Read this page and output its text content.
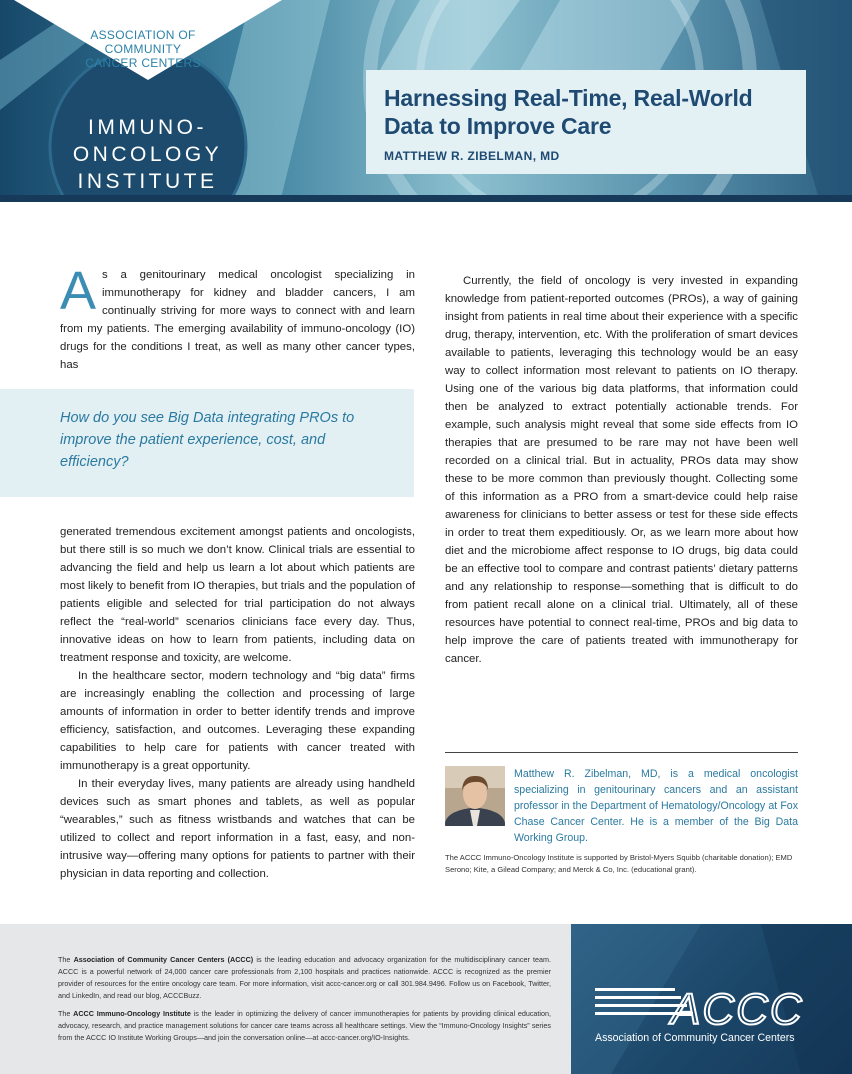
ASSOCIATION OF
COMMUNITY
CANCER CENTERS
IMMUNO-
ONCOLOGY
INSTITUTE
Harnessing Real-Time, Real-World
Data to Improve Care
MATTHEW R. ZIBELMAN, MD
A s a genitourinary medical oncologist specializing in immunotherapy for kidney and bladder cancers, I am continually striving for more ways to connect with and learn from my patients. The emerging availability of immuno-oncology (IO) drugs for the conditions I treat, as well as many other cancer types, has
How do you see Big Data integrating PROs to improve the patient experience, cost, and efficiency?

generated tremendous excitement amongst patients and oncologists, but there still is so much we don’t know. Clinical trials are essential to advancing the field and help us learn a lot about which patients are most likely to benefit from IO therapies, but trials and the population of patients eligible and selected for trial participation do not always reflect the “real-world” scenarios clinicians face every day. Thus, innovative ideas on how to learn from patients, including data on treatment response and toxicity, are welcome.

In the healthcare sector, modern technology and “big data” firms are increasingly enabling the collection and processing of large amounts of information in order to better identify trends and improve efficiency, satisfaction, and outcomes. Leveraging these expanding capabilities to help care for patients with cancer treated with immunotherapy is a great opportunity.

In their everyday lives, many patients are already using handheld devices such as smart phones and tablets, as well as popular “wearables,” such as fitness wristbands and watches that can be utilized to collect and report information in a fast, easy, and non-intrusive way—offering many options for patients to partner with their physician in data reporting and collection.

Currently, the field of oncology is very invested in expanding knowledge from patient-reported outcomes (PROs), a way of gaining insight from patients in real time about their experience with a specific drug, therapy, intervention, etc. With the proliferation of smart devices available to patients, leveraging this technology would be an easy way to collect information most relevant to patients on IO therapy. Using one of the various big data platforms, that information could then be analyzed to extract potentially actionable trends. For example, such analysis might reveal that some side effects from IO therapies that are presumed to be rare may not have been well recorded on a clinical trial. But in actuality, PROs data may show these to be more common than previously thought. Collecting some of this information as a PRO from a smart-device could help raise awareness for clinicians to better assess or test for these side effects in order to treat them expeditiously. Or, as we learn more about how diet and the microbiome affect response to IO drugs, big data could be an effective tool to compare and contrast patients’ dietary patterns and any relationship to response—something that is difficult to do from patient recall alone on a clinical trial. Ultimately, all of these resources have potential to connect real-time, PROs and big data to help improve the care of patients treated with immunotherapy for cancer.

Matthew R. Zibelman, MD, is a medical oncologist specializing in genitourinary cancers and an assistant professor in the Department of Hematology/Oncology at Fox Chase Cancer Center. He is a member of the Big Data Working Group.
The ACCC Immuno-Oncology Institute is supported by Bristol-Myers Squibb (charitable donation); EMD Serono; Kite, a Gilead Company; and Merck & Co, Inc. (educational grant).

The Association of Community Cancer Centers (ACCC) is the leading education and advocacy organization for the multidisciplinary cancer team. ACCC is a powerful network of 24,000 cancer care professionals from 2,100 hospitals and practices nationwide. ACCC is recognized as the premier provider of resources for the entire oncology care team. For more information, visit accc-cancer.org or call 301.984.9496. Follow us on Facebook, Twitter, and LinkedIn, and read our blog, ACCCBuzz.

The ACCC Immuno-Oncology Institute is the leader in optimizing the delivery of cancer immunotherapies for patients by providing clinical education, advocacy, research, and practice management solutions for cancer care teams across all healthcare settings. View the “Immuno-Oncology Insights” series from the ACCC IO Institute Working Groups—and join the conversation online—at accc-cancer.org/IO-Insights.

ACCC
Association of Community Cancer Centers
